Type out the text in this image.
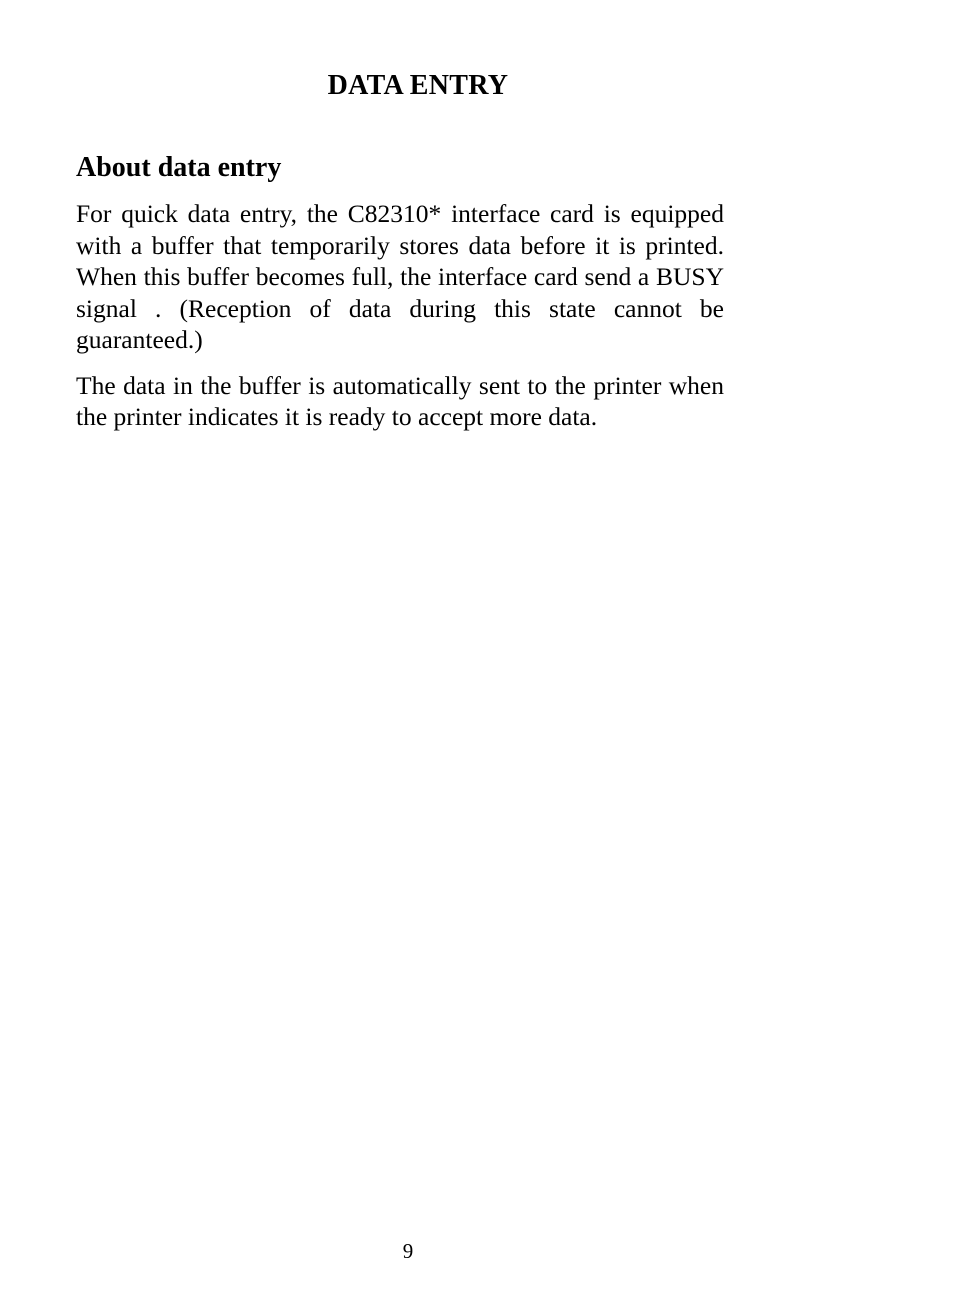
DATA ENTRY
About data entry

For quick data entry, the C82310* interface card is equipped with a buffer that temporarily stores data before it is printed. When this buffer becomes full, the interface card send a BUSY signal . (Reception of data during this state cannot be guaranteed.)

The data in the buffer is automatically sent to the printer when the printer indicates it is ready to accept more data.

9
